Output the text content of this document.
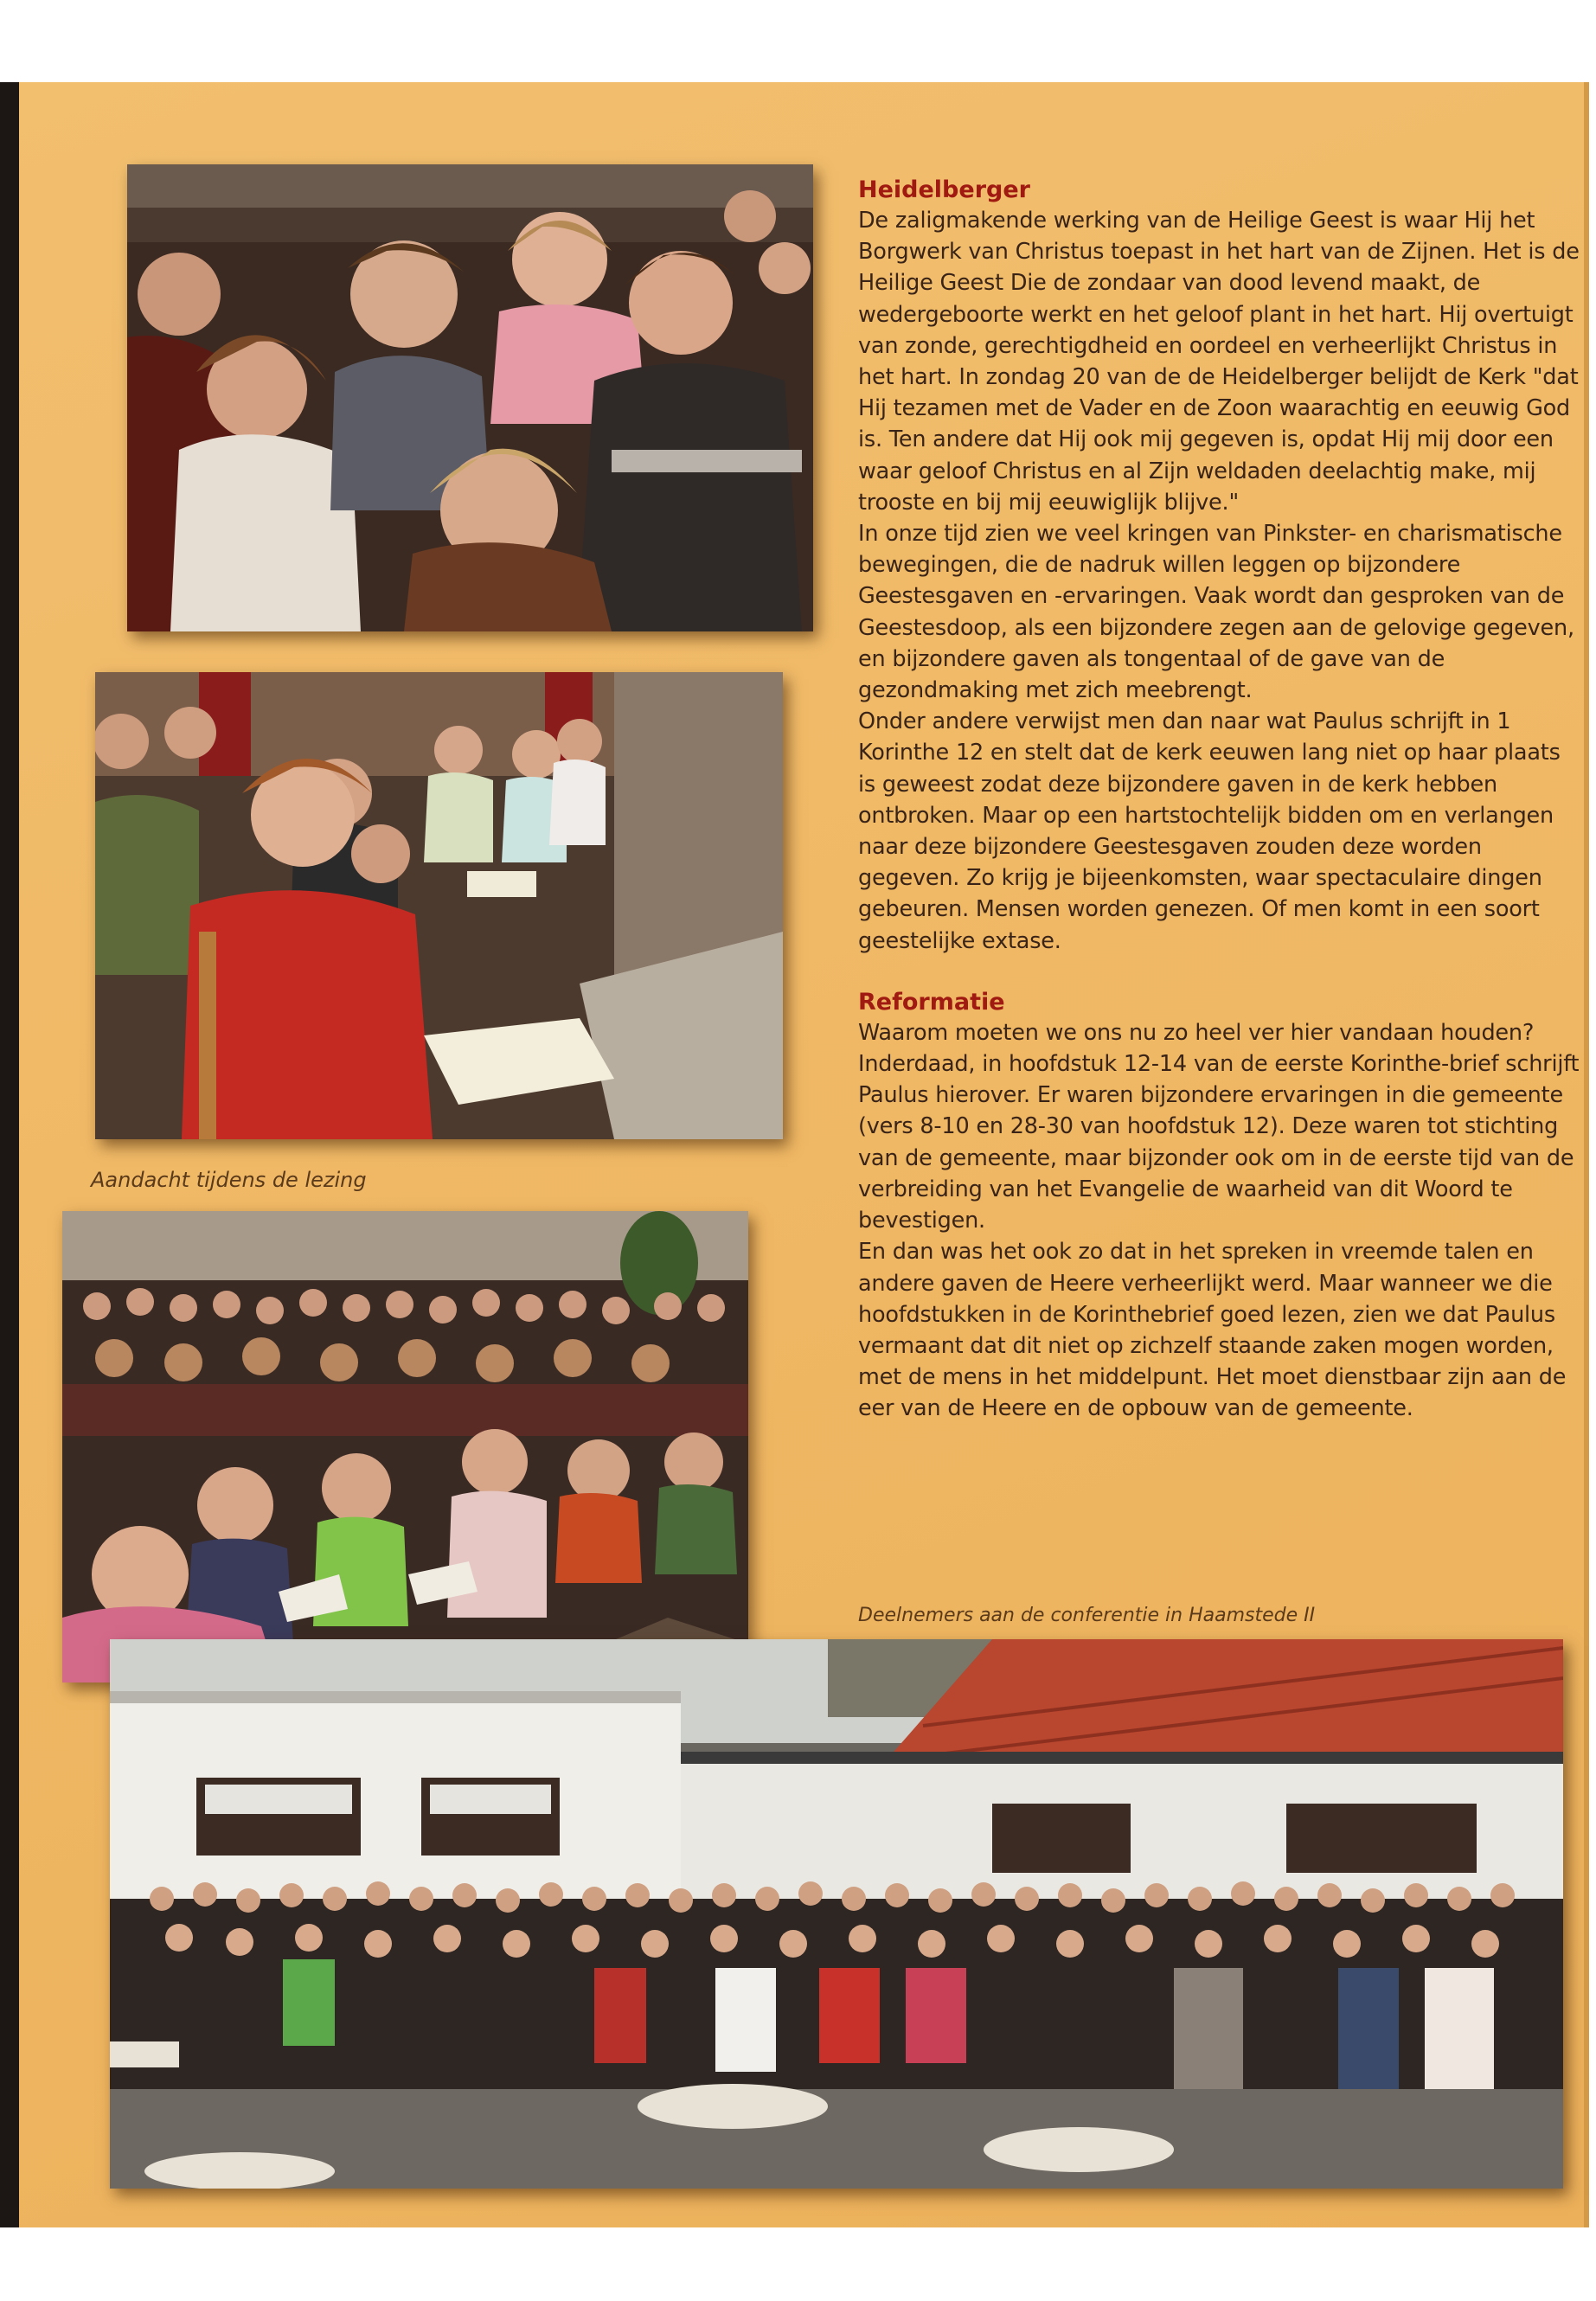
Aandacht tijdens de lezing
Heidelberger

De zaligmakende werking van de Heilige Geest is waar Hij het Borgwerk van Christus toepast in het hart van de Zijnen. Het is de Heilige Geest Die de zondaar van dood levend maakt, de wedergeboorte werkt en het geloof plant in het hart. Hij overtuigt van zonde, gerechtigdheid en oordeel en verheerlijkt Christus in het hart. In zondag 20 van de de Heidelberger belijdt de Kerk "dat Hij tezamen met de Vader en de Zoon waarachtig en eeuwig God is. Ten andere dat Hij ook mij gegeven is, opdat Hij mij door een waar geloof Christus en al Zijn weldaden deelachtig make, mij trooste en bij mij eeuwiglijk blijve."

In onze tijd zien we veel kringen van Pinkster- en charismatische bewegingen, die de nadruk willen leggen op bijzondere Geestesgaven en -ervaringen. Vaak wordt dan gesproken van de Geestesdoop, als een bijzondere zegen aan de gelovige gegeven, en bijzondere gaven als tongentaal of de gave van de gezondmaking met zich meebrengt.

Onder andere verwijst men dan naar wat Paulus schrijft in 1 Korinthe 12 en stelt dat de kerk eeuwen lang niet op haar plaats is geweest zodat deze bijzondere gaven in de kerk hebben ontbroken. Maar op een hartstochtelijk bidden om en verlangen naar deze bijzondere Geestesgaven zouden deze worden gegeven. Zo krijg je bijeenkomsten, waar spectaculaire dingen gebeuren. Mensen worden genezen. Of men komt in een soort geestelijke extase.

Reformatie

Waarom moeten we ons nu zo heel ver hier vandaan houden? Inderdaad, in hoofdstuk 12-14 van de eerste Korinthe-brief schrijft Paulus hierover. Er waren bijzondere ervaringen in die gemeente (vers 8-10 en 28-30 van hoofdstuk 12). Deze waren tot stichting van de gemeente, maar bijzonder ook om in de eerste tijd van de verbreiding van het Evangelie de waarheid van dit Woord te bevestigen.

En dan was het ook zo dat in het spreken in vreemde talen en andere gaven de Heere verheerlijkt werd. Maar wanneer we die hoofdstukken in de Korinthebrief goed lezen, zien we dat Paulus vermaant dat dit niet op zichzelf staande zaken mogen worden, met de mens in het middelpunt. Het moet dienstbaar zijn aan de eer van de Heere en de opbouw van de gemeente.

Deelnemers aan de conferentie in Haamstede II
